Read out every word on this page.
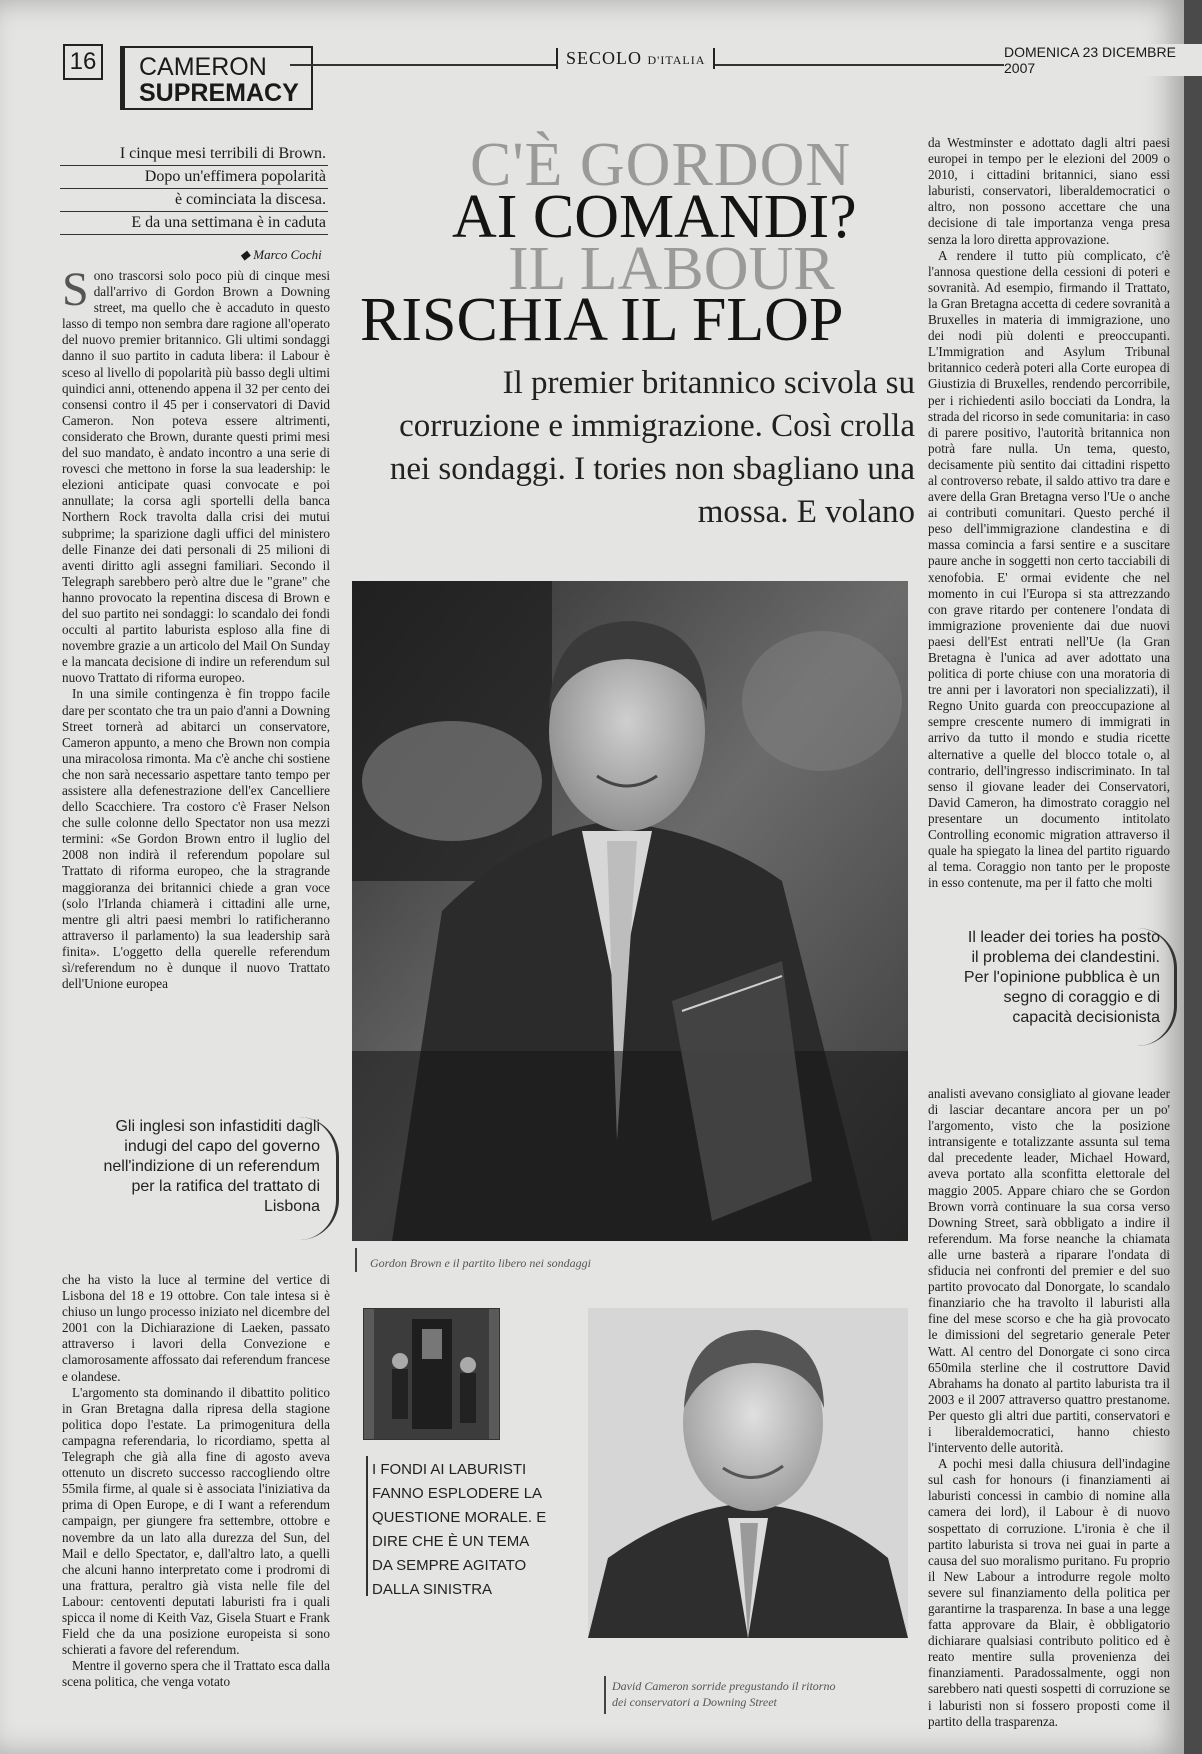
16 CAMERON
SUPREMACY
SECOLO D'ITALIA	DOMENICA 23 DICEMBRE 2007
I cinque mesi terribili di Brown.
Dopo un'effimera popolarità
è cominciata la discesa.
E da una settimana è in caduta
◆ Marco Cochi
C'È GORDON
AI COMANDI?
IL LABOUR
RISCHIA IL FLOP
Il premier britannico scivola su corruzione e immigrazione. Così crolla nei sondaggi. I tories non sbagliano una mossa. E volano

Sono trascorsi solo poco più di cinque mesi dall'arrivo di Gordon Brown a Downing street, ma quello che è accaduto in questo lasso di tempo non sembra dare ragione all'operato del nuovo premier britannico. Gli ultimi sondaggi danno il suo partito in caduta libera: il Labour è sceso al livello di popolarità più basso degli ultimi quindici anni, ottenendo appena il 32 per cento dei consensi contro il 45 per i conservatori di David Cameron. Non poteva essere altrimenti, considerato che Brown, durante questi primi mesi del suo mandato, è andato incontro a una serie di rovesci che mettono in forse la sua leadership: le elezioni anticipate quasi convocate e poi annullate; la corsa agli sportelli della banca Northern Rock travolta dalla crisi dei mutui subprime; la sparizione dagli uffici del ministero delle Finanze dei dati personali di 25 milioni di aventi diritto agli assegni familiari. Secondo il Telegraph sarebbero però altre due le "grane" che hanno provocato la repentina discesa di Brown e del suo partito nei sondaggi: lo scandalo dei fondi occulti al partito laburista esploso alla fine di novembre grazie a un articolo del Mail On Sunday e la mancata decisione di indire un referendum sul nuovo Trattato di riforma europeo.

In una simile contingenza è fin troppo facile dare per scontato che tra un paio d'anni a Downing Street tornerà ad abitarci un conservatore, Cameron appunto, a meno che Brown non compia una miracolosa rimonta. Ma c'è anche chi sostiene che non sarà necessario aspettare tanto tempo per assistere alla defenestrazione dell'ex Cancelliere dello Scacchiere. Tra costoro c'è Fraser Nelson che sulle colonne dello Spectator non usa mezzi termini: «Se Gordon Brown entro il luglio del 2008 non indirà il referendum popolare sul Trattato di riforma europeo, che la stragrande maggioranza dei britannici chiede a gran voce (solo l'Irlanda chiamerà i cittadini alle urne, mentre gli altri paesi membri lo ratificheranno attraverso il parlamento) la sua leadership sarà finita». L'oggetto della querelle referendum sì/referendum no è dunque il nuovo Trattato dell'Unione europea

Gli inglesi son infastiditi dagli indugi del capo del governo nell'indizione di un referendum per la ratifica del trattato di Lisbona

che ha visto la luce al termine del vertice di Lisbona del 18 e 19 ottobre. Con tale intesa si è chiuso un lungo processo iniziato nel dicembre del 2001 con la Dichiarazione di Laeken, passato attraverso i lavori della Convezione e clamorosamente affossato dai referendum francese e olandese.

L'argomento sta dominando il dibattito politico in Gran Bretagna dalla ripresa della stagione politica dopo l'estate. La primogenitura della campagna referendaria, lo ricordiamo, spetta al Telegraph che già alla fine di agosto aveva ottenuto un discreto successo raccogliendo oltre 55mila firme, al quale si è associata l'iniziativa da prima di Open Europe, e di I want a referendum campaign, per giungere fra settembre, ottobre e novembre da un lato alla durezza del Sun, del Mail e dello Spectator, e, dall'altro lato, a quelli che alcuni hanno interpretato come i prodromi di una frattura, peraltro già vista nelle file del Labour: centoventi deputati laburisti fra i quali spicca il nome di Keith Vaz, Gisela Stuart e Frank Field che da una posizione europeista si sono schierati a favore del referendum.

Mentre il governo spera che il Trattato esca dalla scena politica, che venga votato

Gordon Brown e il partito libero nei sondaggi

da Westminster e adottato dagli altri paesi europei in tempo per le elezioni del 2009 o 2010, i cittadini britannici, siano essi laburisti, conservatori, liberaldemocratici o altro, non possono accettare che una decisione di tale importanza venga presa senza la loro diretta approvazione.

A rendere il tutto più complicato, c'è l'annosa questione della cessioni di poteri e sovranità. Ad esempio, firmando il Trattato, la Gran Bretagna accetta di cedere sovranità a Bruxelles in materia di immigrazione, uno dei nodi più dolenti e preoccupanti. L'Immigration and Asylum Tribunal britannico cederà poteri alla Corte europea di Giustizia di Bruxelles, rendendo percorribile, per i richiedenti asilo bocciati da Londra, la strada del ricorso in sede comunitaria: in caso di parere positivo, l'autorità britannica non potrà fare nulla. Un tema, questo, decisamente più sentito dai cittadini rispetto al controverso rebate, il saldo attivo tra dare e avere della Gran Bretagna verso l'Ue o anche ai contributi comunitari. Questo perché il peso dell'immigrazione clandestina e di massa comincia a farsi sentire e a suscitare paure anche in soggetti non certo tacciabili di xenofobia. E' ormai evidente che nel momento in cui l'Europa si sta attrezzando con grave ritardo per contenere l'ondata di immigrazione proveniente dai due nuovi paesi dell'Est entrati nell'Ue (la Gran Bretagna è l'unica ad aver adottato una politica di porte chiuse con una moratoria di tre anni per i lavoratori non specializzati), il Regno Unito guarda con preoccupazione al sempre crescente numero di immigrati in arrivo da tutto il mondo e studia ricette alternative a quelle del blocco totale o, al contrario, dell'ingresso indiscriminato. In tal senso il giovane leader dei Conservatori, David Cameron, ha dimostrato coraggio nel presentare un documento intitolato Controlling economic migration attraverso il quale ha spiegato la linea del partito riguardo al tema. Coraggio non tanto per le proposte in esso contenute, ma per il fatto che molti

Il leader dei tories ha posto il problema dei clandestini. Per l'opinione pubblica è un segno di coraggio e di capacità decisionista

analisti avevano consigliato al giovane leader di lasciar decantare ancora per un po' l'argomento, visto che la posizione intransigente e totalizzante assunta sul tema dal precedente leader, Michael Howard, aveva portato alla sconfitta elettorale del maggio 2005. Appare chiaro che se Gordon Brown vorrà continuare la sua corsa verso Downing Street, sarà obbligato a indire il referendum. Ma forse neanche la chiamata alle urne basterà a riparare l'ondata di sfiducia nei confronti del premier e del suo partito provocato dal Donorgate, lo scandalo finanziario che ha travolto il laburisti alla fine del mese scorso e che ha già provocato le dimissioni del segretario generale Peter Watt. Al centro del Donorgate ci sono circa 650mila sterline che il costruttore David Abrahams ha donato al partito laburista tra il 2003 e il 2007 attraverso quattro prestanome. Per questo gli altri due partiti, conservatori e i liberaldemocratici, hanno chiesto l'intervento delle autorità.

A pochi mesi dalla chiusura dell'indagine sul cash for honours (i finanziamenti ai laburisti concessi in cambio di nomine alla camera dei lord), il Labour è di nuovo sospettato di corruzione. L'ironia è che il partito laburista si trova nei guai in parte a causa del suo moralismo puritano. Fu proprio il New Labour a introdurre regole molto severe sul finanziamento della politica per garantirne la trasparenza. In base a una legge fatta approvare da Blair, è obbligatorio dichiarare qualsiasi contributo politico ed è reato mentire sulla provenienza dei finanziamenti. Paradossalmente, oggi non sarebbero nati questi sospetti di corruzione se i laburisti non si fossero proposti come il partito della trasparenza.

I FONDI AI LABURISTI FANNO ESPLODERE LA QUESTIONE MORALE. E DIRE CHE È UN TEMA DA SEMPRE AGITATO DALLA SINISTRA
David Cameron sorride pregustando il ritorno dei conservatori a Downing Street
